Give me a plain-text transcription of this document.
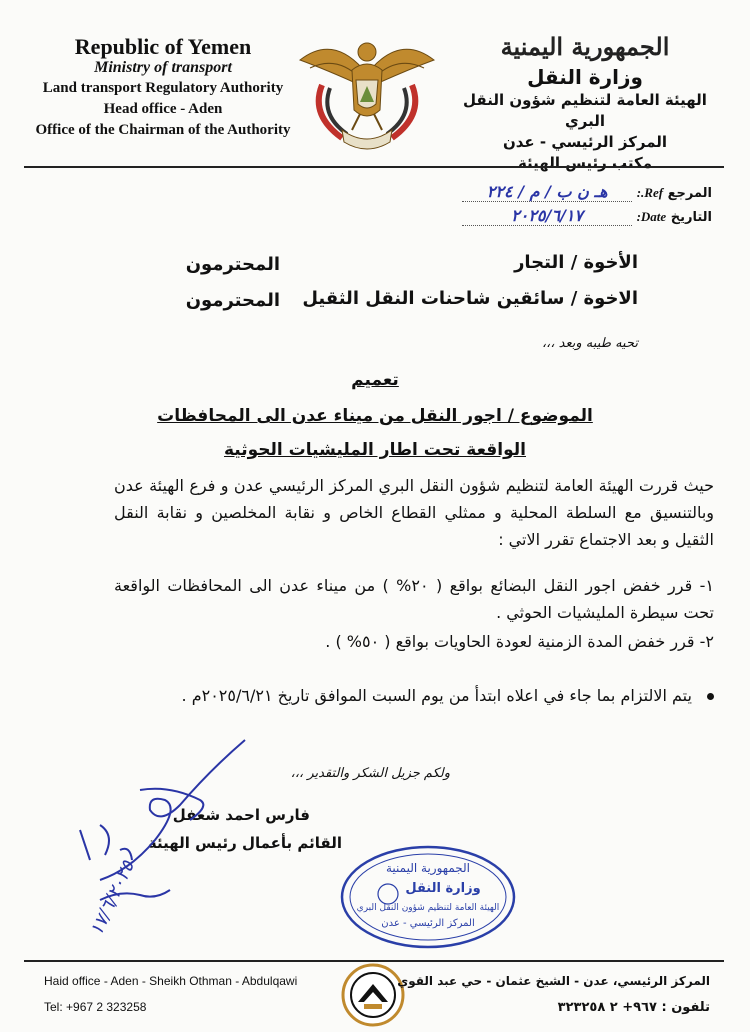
Republic of Yemen
Ministry of transport
Land transport Regulatory Authority
Head office - Aden
Office of the Chairman of the Authority
الجمهورية اليمنية
وزارة النقل
الهيئة العامة لتنظيم شؤون النقل البري
المركز الرئيسي - عدن
مكتب رئيس الهيئة
المرجع Ref.: هـ ن ب / م / ٢٢٤
التاريخ Date: ٢٠٢٥/٦/١٧
الأخوة / التجار
المحترمون
الاخوة / سائقين شاحنات النقل الثقيل
المحترمون
تحيه طيبه وبعد ،،،
تعميم
الموضوع / اجور النقل من ميناء عدن الى المحافظات
الواقعة تحت اطار المليشيات الحوثية
حيث قررت الهيئة العامة لتنظيم شؤون النقل البري المركز الرئيسي عدن و فرع الهيئة عدن وبالتنسيق مع السلطة المحلية و ممثلي القطاع الخاص و نقابة المخلصين و نقابة النقل الثقيل و بعد الاجتماع تقرر الاتي :
١- قرر خفض اجور النقل البضائع بواقع ( ٢٠% ) من ميناء عدن الى المحافظات الواقعة تحت سيطرة المليشيات الحوثي .
٢- قرر خفض المدة الزمنية لعودة الحاويات بواقع ( ٥٠% ) .
يتم الالتزام بما جاء في اعلاه ابتدأ من يوم السبت الموافق تاريخ ٢٠٢٥/٦/٢١م .
ولكم جزيل الشكر والتقدير ،،،
فارس احمد شعفل
القائم بأعمال رئيس الهيئة
الجمهورية اليمنية
وزارة النقل
الهيئة العامة لتنظيم شؤون النقل البري
المركز الرئيسي - عدن
١٧/٦/٢٠٢٥
Haid office - Aden - Sheikh Othman - Abdulqawi
Tel: +967 2 323258
المركز الرئيسي، عدن - الشيخ عثمان - حي عبد القوي
تلفون : ٩٦٧+ ٢ ٣٢٣٢٥٨
